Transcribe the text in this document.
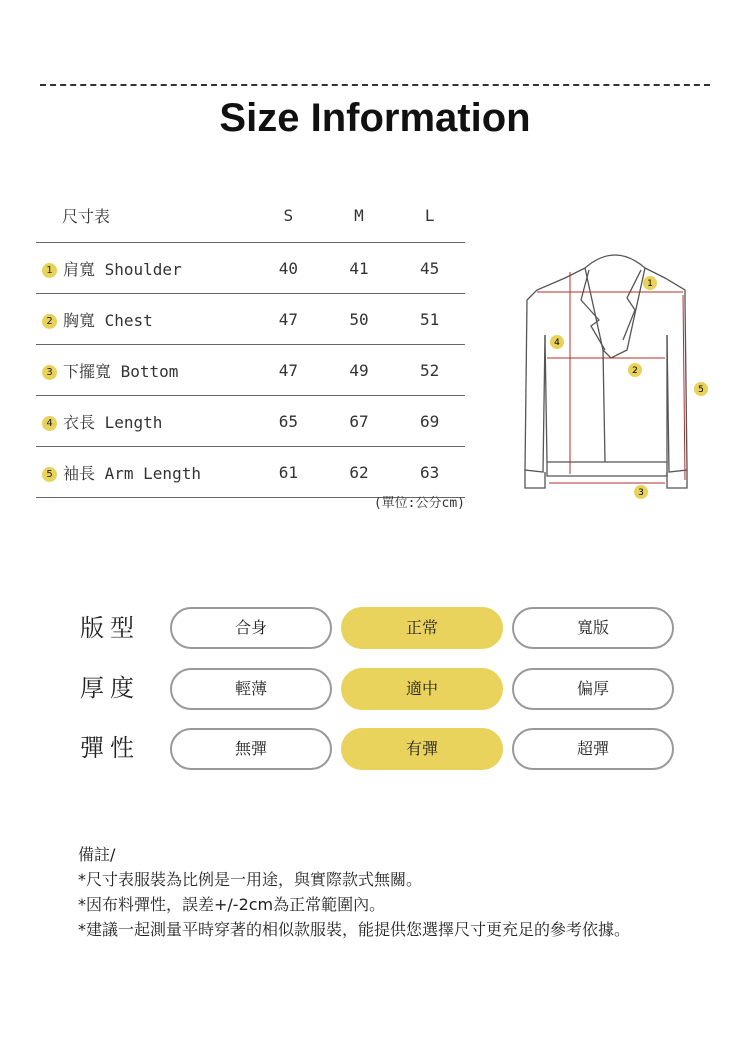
Size Information
尺寸表	S	M	L
1 肩寬 Shoulder	40	41	45
2 胸寬 Chest	47	50	51
3 下擺寬 Bottom	47	49	52
4 衣長 Length	65	67	69
5 袖長 Arm Length	61	62	63
(單位:公分cm)
1
2
3
4
5
版型	合身	正常	寬版
厚度	輕薄	適中	偏厚
彈性	無彈	有彈	超彈
備註/
*尺寸表服裝為比例是一用途，與實際款式無關。
*因布料彈性，誤差+/-2cm為正常範圍內。
*建議一起測量平時穿著的相似款服裝，能提供您選擇尺寸更充足的參考依據。
